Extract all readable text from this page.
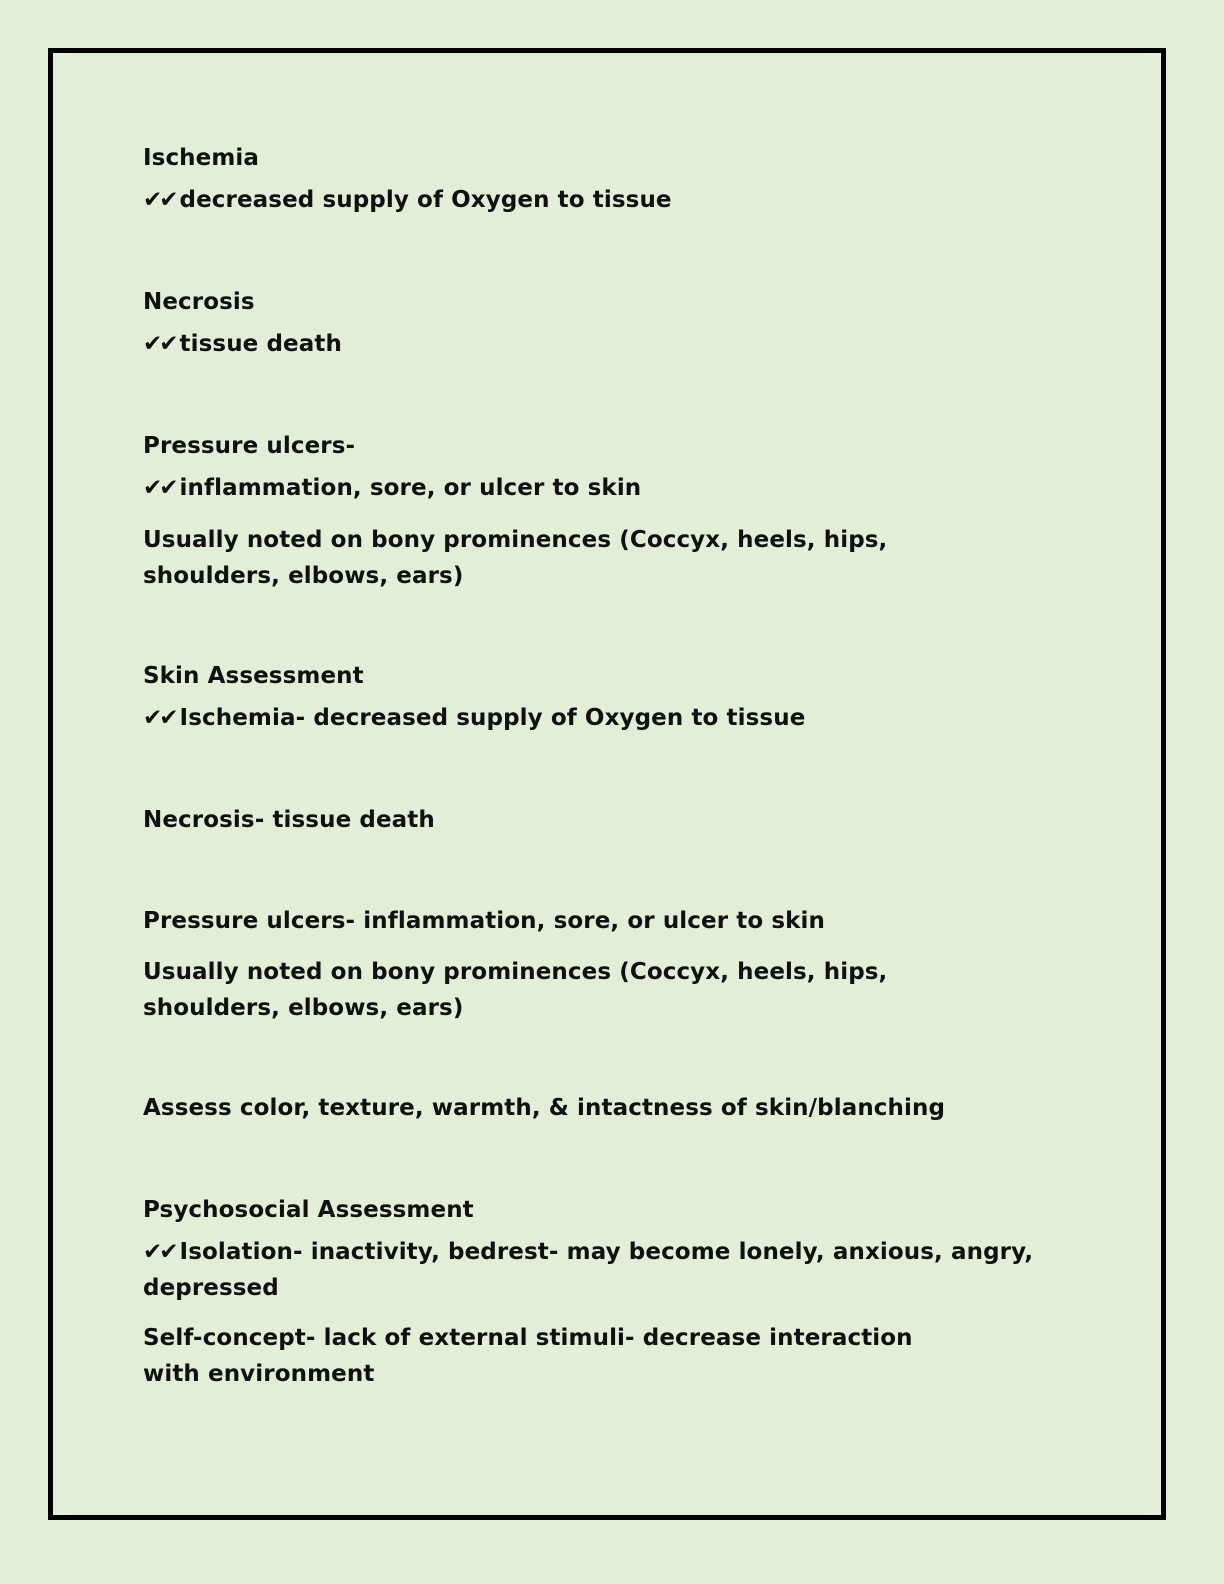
Ischemia
✔✔ decreased supply of Oxygen to tissue
Necrosis
✔✔ tissue death
Pressure ulcers-
✔✔ inflammation, sore, or ulcer to skin
Usually noted on bony prominences (Coccyx, heels, hips, shoulders, elbows, ears)
Skin Assessment
✔✔ Ischemia- decreased supply of Oxygen to tissue
Necrosis- tissue death
Pressure ulcers- inflammation, sore, or ulcer to skin
Usually noted on bony prominences (Coccyx, heels, hips, shoulders, elbows, ears)
Assess color, texture, warmth, & intactness of skin/blanching
Psychosocial Assessment
✔✔ Isolation- inactivity, bedrest- may become lonely, anxious, angry, depressed
Self-concept- lack of external stimuli- decrease interaction with environment
